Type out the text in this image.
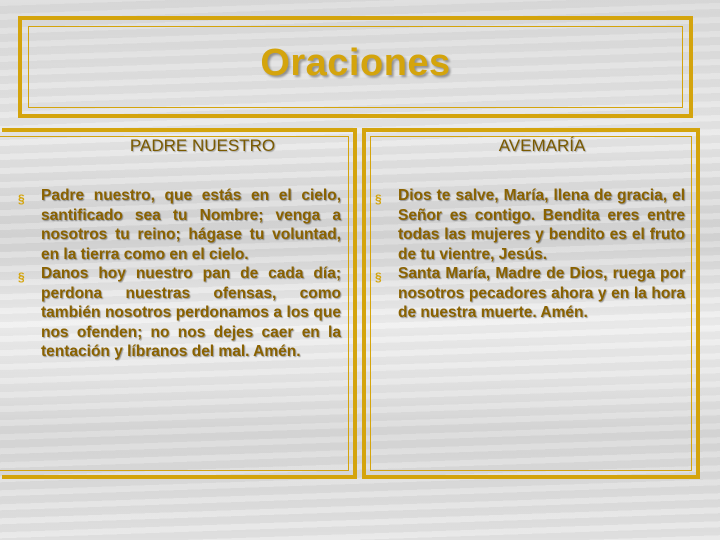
Oraciones
PADRE NUESTRO	AVEMARÍA
§ Padre nuestro, que estás en el cielo, santificado sea tu Nombre; venga a nosotros tu reino; hágase tu voluntad, en la tierra como en el cielo.
§ Danos hoy nuestro pan de cada día; perdona nuestras ofensas, como también nosotros perdonamos a los que nos ofenden; no nos dejes caer en la tentación y líbranos del mal. Amén.
§ Dios te salve, María, llena de gracia, el Señor es contigo. Bendita eres entre todas las mujeres y bendito es el fruto de tu vientre, Jesús.
§ Santa María, Madre de Dios, ruega por nosotros pecadores ahora y en la hora de nuestra muerte. Amén.
